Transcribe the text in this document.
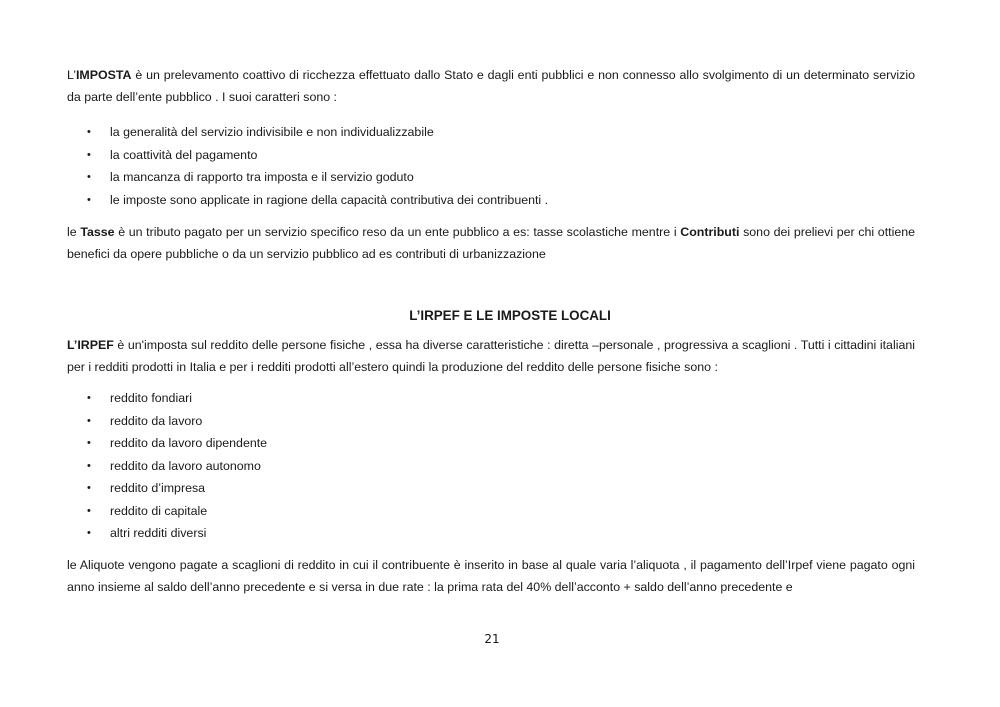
L’IMPOSTA è un prelevamento coattivo di ricchezza effettuato dallo Stato e dagli enti pubblici e non connesso allo svolgimento di un determinato servizio da parte dell’ente pubblico . I suoi caratteri sono :

• la generalità del servizio indivisibile e non individualizzabile
• la coattività del pagamento
• la mancanza di rapporto tra imposta e il servizio goduto
• le imposte sono applicate in ragione della capacità contributiva dei contribuenti .

le Tasse è un tributo pagato per un servizio specifico reso da un ente pubblico a es: tasse scolastiche mentre i Contributi sono dei prelievi per chi ottiene benefici da opere pubbliche o da un servizio pubblico ad es contributi di urbanizzazione

L’IRPEF E LE IMPOSTE LOCALI

L’IRPEF è un'imposta sul reddito delle persone fisiche , essa ha diverse caratteristiche : diretta –personale , progressiva a scaglioni . Tutti i cittadini italiani per i redditi prodotti in Italia e per i redditi prodotti all’estero quindi la produzione del reddito delle persone fisiche sono :

• reddito fondiari
• reddito da lavoro
• reddito da lavoro dipendente
• reddito da lavoro autonomo
• reddito d’impresa
• reddito di capitale
• altri redditi diversi

le Aliquote vengono pagate a scaglioni di reddito in cui il contribuente è inserito in base al quale varia l’aliquota , il pagamento dell’Irpef viene pagato ogni anno insieme al saldo dell’anno precedente e si versa in due rate : la prima rata del 40% dell’acconto + saldo dell’anno precedente e

21
